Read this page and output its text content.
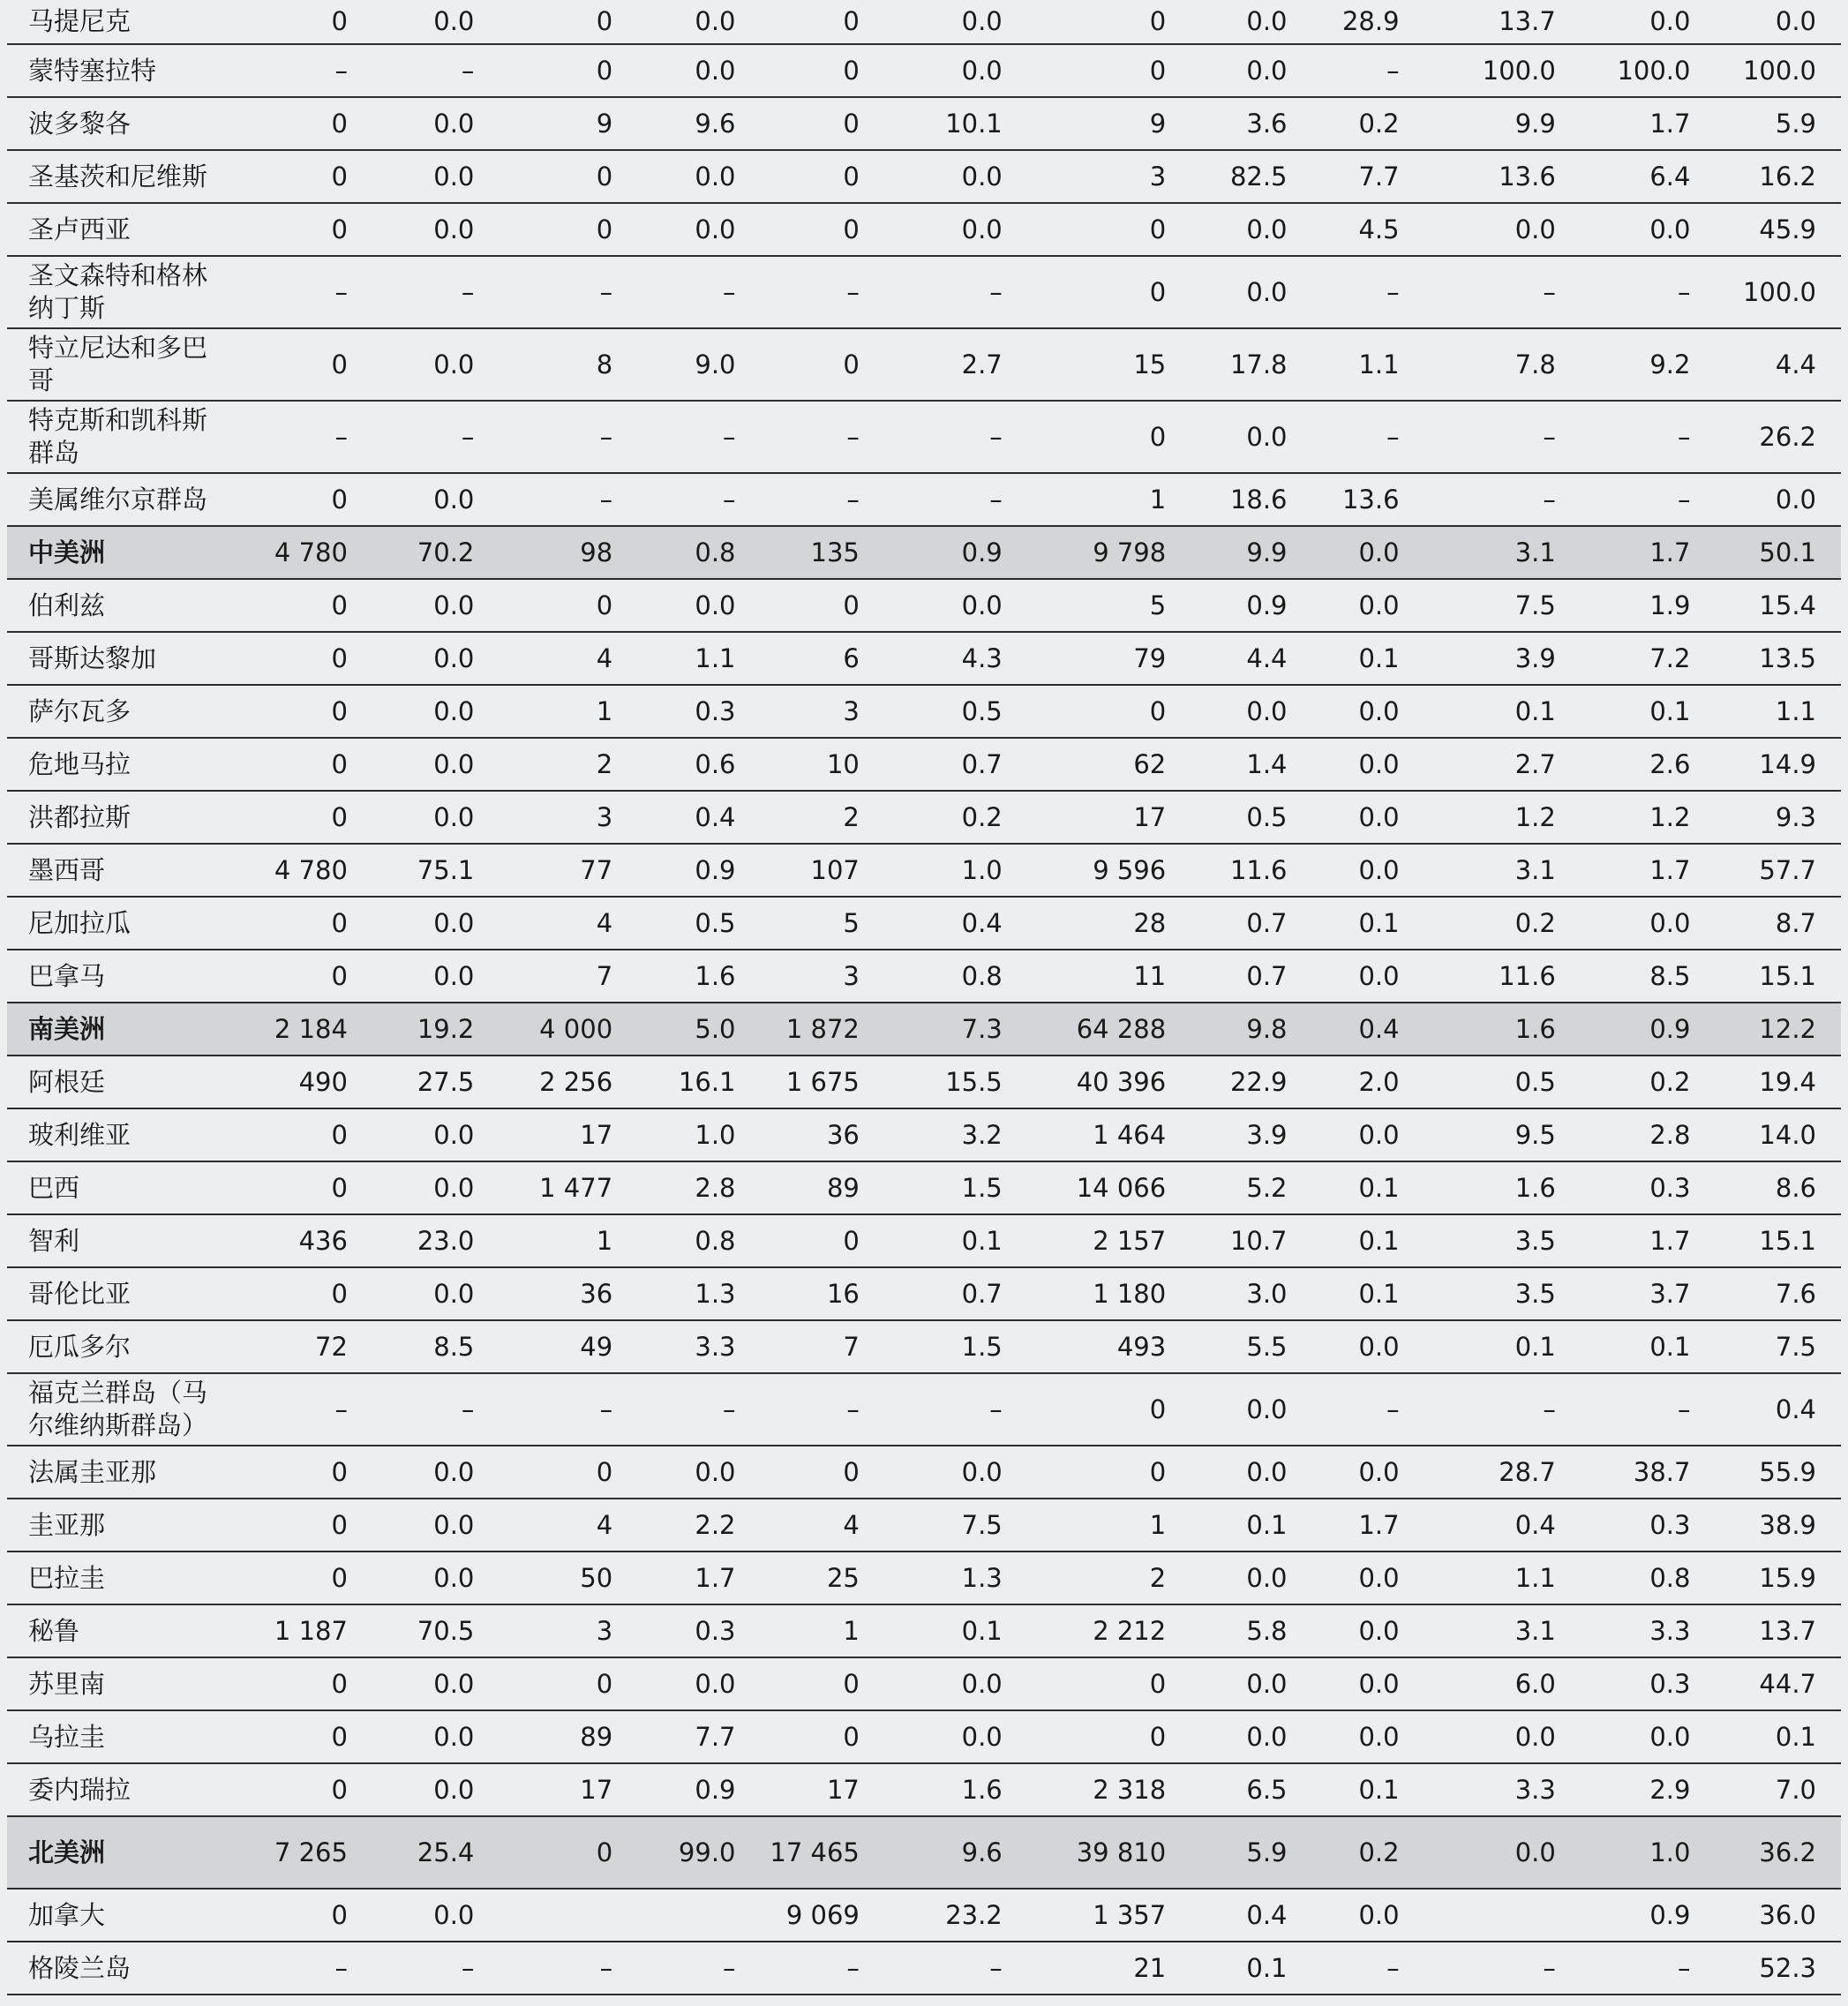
马提尼克	0	0.0	0	0.0	0	0.0	0	0.0	28.9	13.7	0.0	0.0
蒙特塞拉特	–	–	0	0.0	0	0.0	0	0.0	–	100.0	100.0	100.0
波多黎各	0	0.0	9	9.6	0	10.1	9	3.6	0.2	9.9	1.7	5.9
圣基茨和尼维斯	0	0.0	0	0.0	0	0.0	3	82.5	7.7	13.6	6.4	16.2
圣卢西亚	0	0.0	0	0.0	0	0.0	0	0.0	4.5	0.0	0.0	45.9
圣文森特和格林纳丁斯	–	–	–	–	–	–	0	0.0	–	–	–	100.0
特立尼达和多巴哥	0	0.0	8	9.0	0	2.7	15	17.8	1.1	7.8	9.2	4.4
特克斯和凯科斯群岛	–	–	–	–	–	–	0	0.0	–	–	–	26.2
美属维尔京群岛	0	0.0	–	–	–	–	1	18.6	13.6	–	–	0.0
中美洲	4 780	70.2	98	0.8	135	0.9	9 798	9.9	0.0	3.1	1.7	50.1
伯利兹	0	0.0	0	0.0	0	0.0	5	0.9	0.0	7.5	1.9	15.4
哥斯达黎加	0	0.0	4	1.1	6	4.3	79	4.4	0.1	3.9	7.2	13.5
萨尔瓦多	0	0.0	1	0.3	3	0.5	0	0.0	0.0	0.1	0.1	1.1
危地马拉	0	0.0	2	0.6	10	0.7	62	1.4	0.0	2.7	2.6	14.9
洪都拉斯	0	0.0	3	0.4	2	0.2	17	0.5	0.0	1.2	1.2	9.3
墨西哥	4 780	75.1	77	0.9	107	1.0	9 596	11.6	0.0	3.1	1.7	57.7
尼加拉瓜	0	0.0	4	0.5	5	0.4	28	0.7	0.1	0.2	0.0	8.7
巴拿马	0	0.0	7	1.6	3	0.8	11	0.7	0.0	11.6	8.5	15.1
南美洲	2 184	19.2	4 000	5.0	1 872	7.3	64 288	9.8	0.4	1.6	0.9	12.2
阿根廷	490	27.5	2 256	16.1	1 675	15.5	40 396	22.9	2.0	0.5	0.2	19.4
玻利维亚	0	0.0	17	1.0	36	3.2	1 464	3.9	0.0	9.5	2.8	14.0
巴西	0	0.0	1 477	2.8	89	1.5	14 066	5.2	0.1	1.6	0.3	8.6
智利	436	23.0	1	0.8	0	0.1	2 157	10.7	0.1	3.5	1.7	15.1
哥伦比亚	0	0.0	36	1.3	16	0.7	1 180	3.0	0.1	3.5	3.7	7.6
厄瓜多尔	72	8.5	49	3.3	7	1.5	493	5.5	0.0	0.1	0.1	7.5
福克兰群岛（马尔维纳斯群岛）	–	–	–	–	–	–	0	0.0	–	–	–	0.4
法属圭亚那	0	0.0	0	0.0	0	0.0	0	0.0	0.0	28.7	38.7	55.9
圭亚那	0	0.0	4	2.2	4	7.5	1	0.1	1.7	0.4	0.3	38.9
巴拉圭	0	0.0	50	1.7	25	1.3	2	0.0	0.0	1.1	0.8	15.9
秘鲁	1 187	70.5	3	0.3	1	0.1	2 212	5.8	0.0	3.1	3.3	13.7
苏里南	0	0.0	0	0.0	0	0.0	0	0.0	0.0	6.0	0.3	44.7
乌拉圭	0	0.0	89	7.7	0	0.0	0	0.0	0.0	0.0	0.0	0.1
委内瑞拉	0	0.0	17	0.9	17	1.6	2 318	6.5	0.1	3.3	2.9	7.0
北美洲	7 265	25.4	0	99.0	17 465	9.6	39 810	5.9	0.2	0.0	1.0	36.2
加拿大	0	0.0			9 069	23.2	1 357	0.4	0.0		0.9	36.0
格陵兰岛	–	–	–	–	–	–	21	0.1	–	–	–	52.3
